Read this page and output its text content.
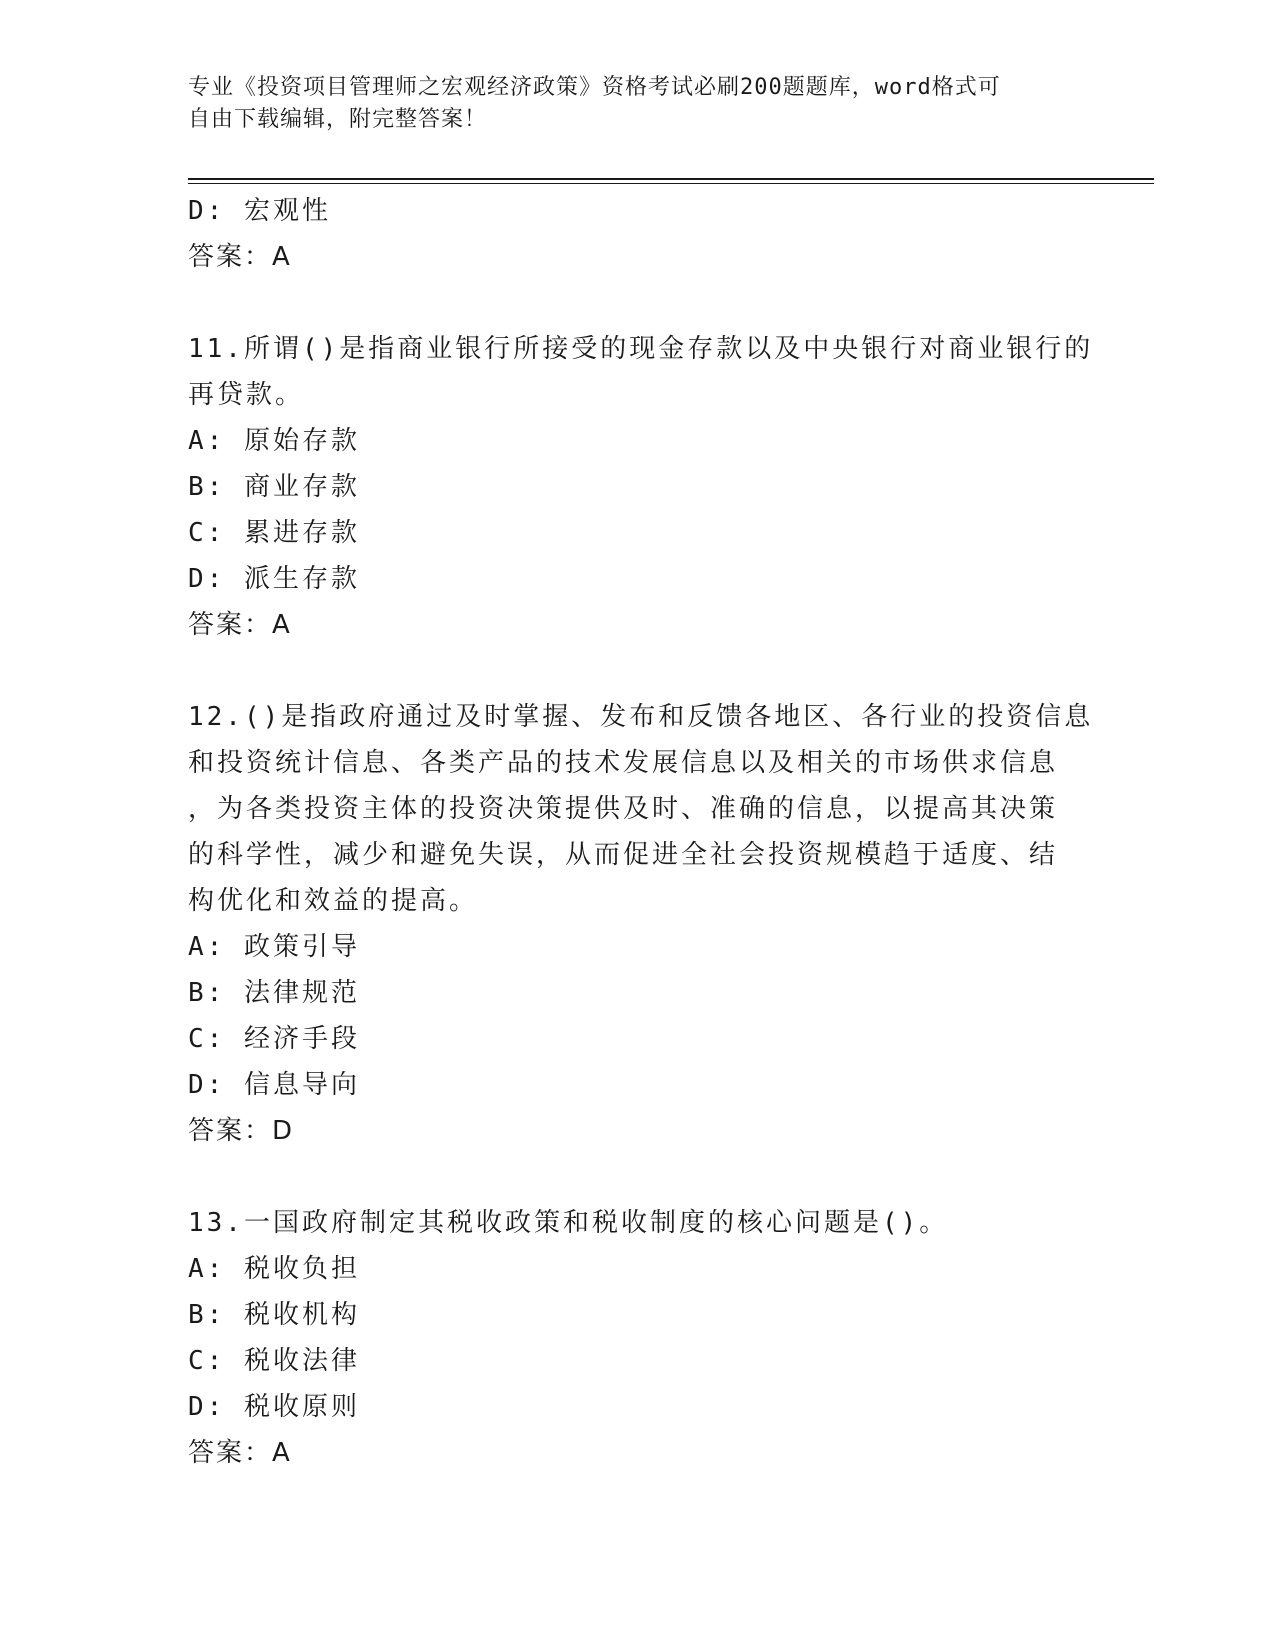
专业《投资项目管理师之宏观经济政策》资格考试必刷200题题库，word格式可
自由下载编辑，附完整答案！
D: 宏观性
答案：A
11.所谓()是指商业银行所接受的现金存款以及中央银行对商业银行的
再贷款。
A: 原始存款
B: 商业存款
C: 累进存款
D: 派生存款
答案：A
12.()是指政府通过及时掌握、发布和反馈各地区、各行业的投资信息
和投资统计信息、各类产品的技术发展信息以及相关的市场供求信息
，为各类投资主体的投资决策提供及时、准确的信息，以提高其决策
的科学性，减少和避免失误，从而促进全社会投资规模趋于适度、结
构优化和效益的提高。
A: 政策引导
B: 法律规范
C: 经济手段
D: 信息导向
答案：D
13.一国政府制定其税收政策和税收制度的核心问题是()。
A: 税收负担
B: 税收机构
C: 税收法律
D: 税收原则
答案：A
